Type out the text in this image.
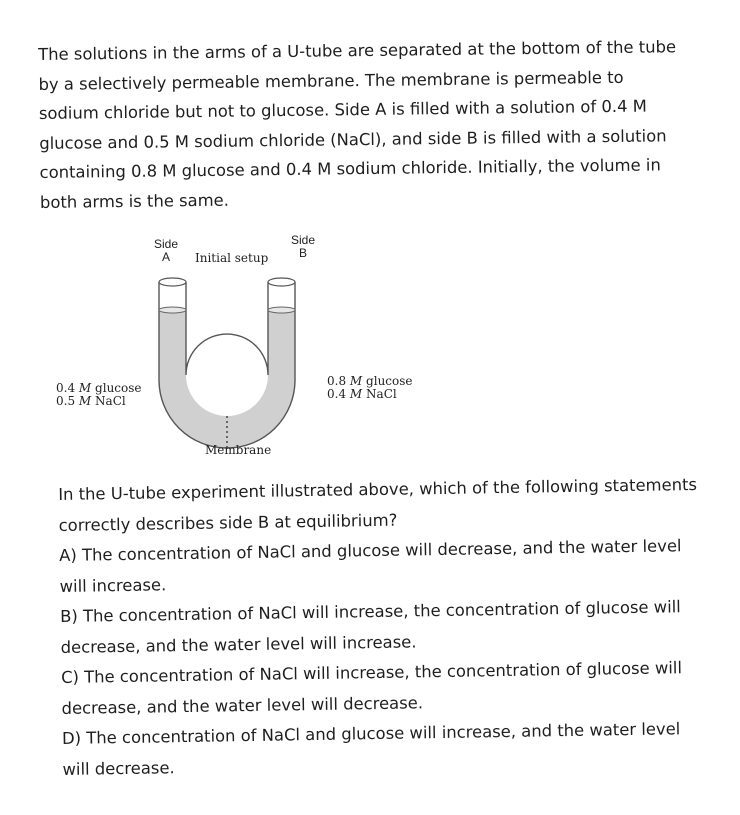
The solutions in the arms of a U-tube are separated at the bottom of the tube by a selectively permeable membrane. The membrane is permeable to sodium chloride but not to glucose. Side A is filled with a solution of 0.4 M glucose and 0.5 M sodium chloride (NaCl), and side B is filled with a solution containing 0.8 M glucose and 0.4 M sodium chloride. Initially, the volume in both arms is the same.

Side
A	Initial setup
Side
B
0.4 M glucose
0.5 M NaCl
0.8 M glucose
0.4 M NaCl
Membrane

In the U-tube experiment illustrated above, which of the following statements correctly describes side B at equilibrium?

A) The concentration of NaCl and glucose will decrease, and the water level will increase.
B) The concentration of NaCl will increase, the concentration of glucose will decrease, and the water level will increase.
C) The concentration of NaCl will increase, the concentration of glucose will decrease, and the water level will decrease.
D) The concentration of NaCl and glucose will increase, and the water level will decrease.
